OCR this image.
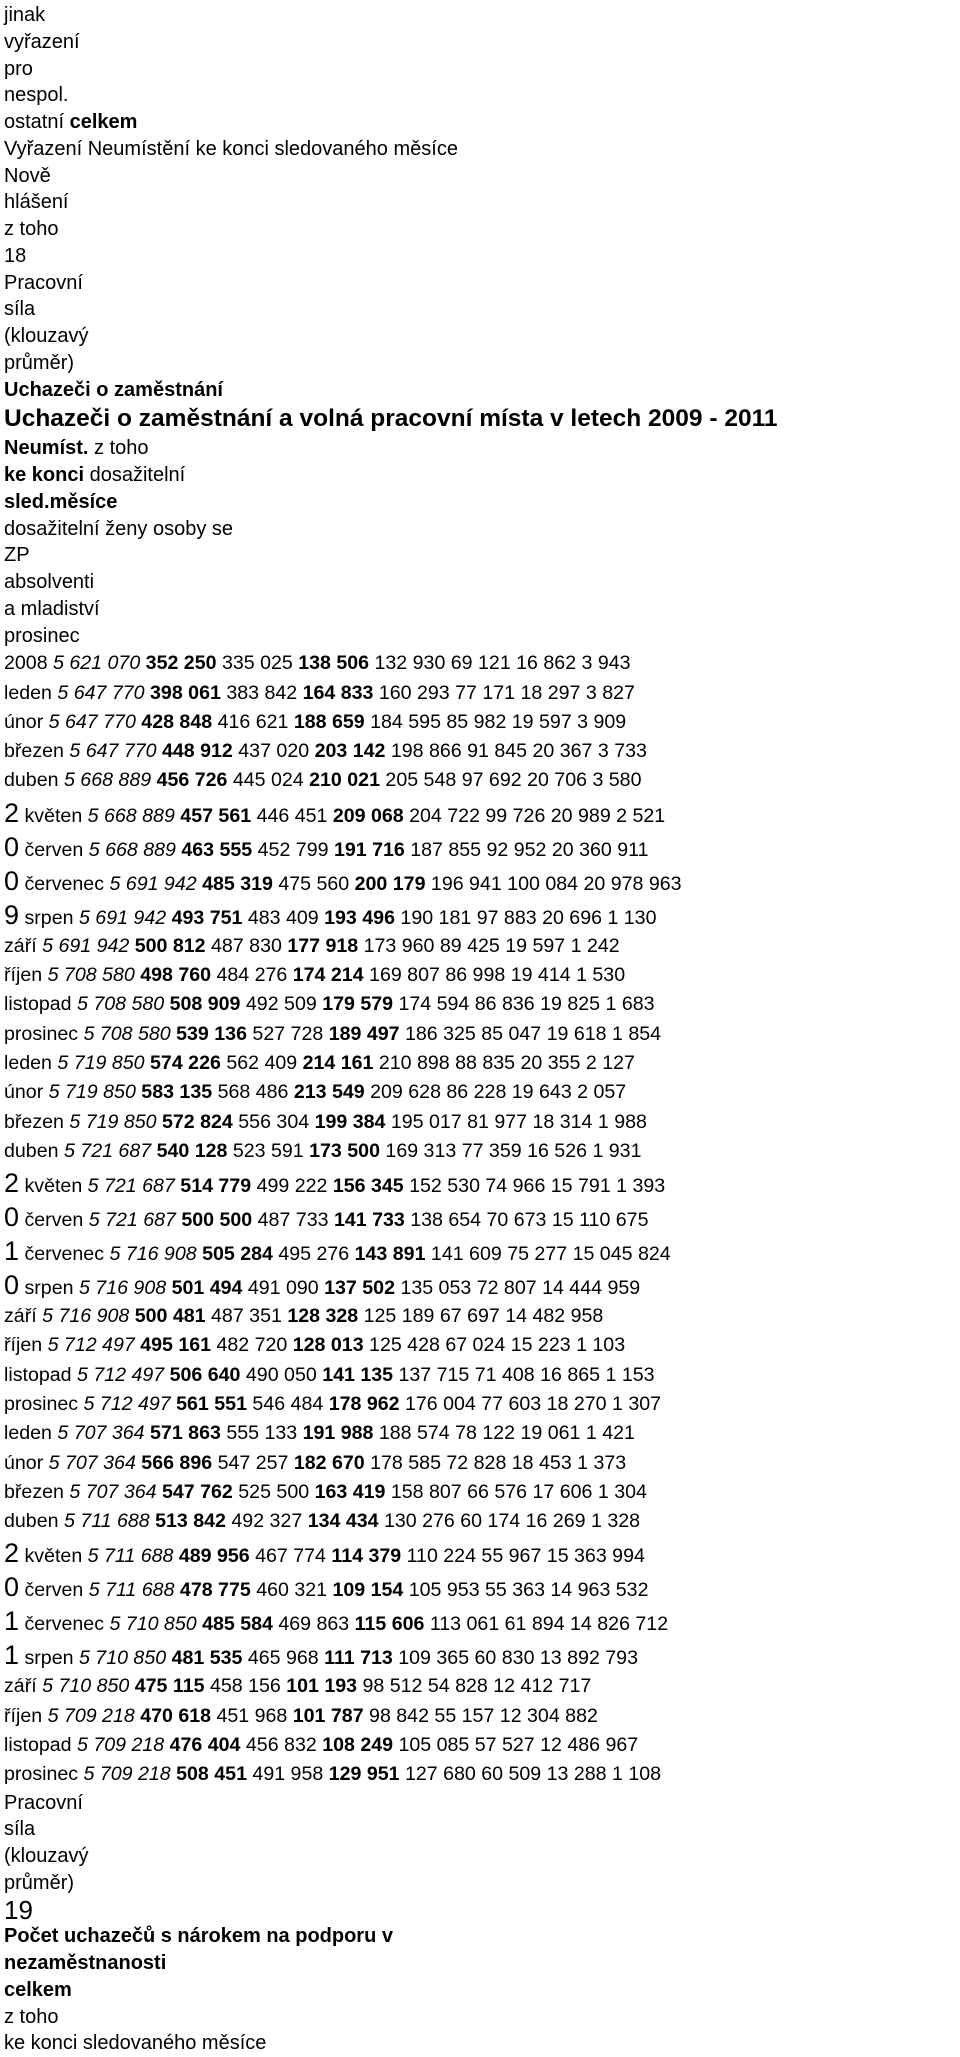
jinak
vyřazení
pro
nespol.
ostatní celkem
Vyřazení Neumístění ke konci sledovaného měsíce
Nově
hlášení
z toho
18
Pracovní
síla
(klouzavý
průměr)
Uchazeči o zaměstnání
Uchazeči o zaměstnání a volná pracovní místa v letech 2009 - 2011
Neumíst. z toho
ke konci dosažitelní
sled.měsíce
dosažitelní ženy osoby se
ZP
absolventi
a mladiství
prosinec
2008 5 621 070 352 250 335 025 138 506 132 930 69 121 16 862 3 943
leden 5 647 770 398 061 383 842 164 833 160 293 77 171 18 297 3 827
únor 5 647 770 428 848 416 621 188 659 184 595 85 982 19 597 3 909
březen 5 647 770 448 912 437 020 203 142 198 866 91 845 20 367 3 733
duben 5 668 889 456 726 445 024 210 021 205 548 97 692 20 706 3 580
2 květen 5 668 889 457 561 446 451 209 068 204 722 99 726 20 989 2 521
0 červen 5 668 889 463 555 452 799 191 716 187 855 92 952 20 360 911
0 červenec 5 691 942 485 319 475 560 200 179 196 941 100 084 20 978 963
9 srpen 5 691 942 493 751 483 409 193 496 190 181 97 883 20 696 1 130
září 5 691 942 500 812 487 830 177 918 173 960 89 425 19 597 1 242
říjen 5 708 580 498 760 484 276 174 214 169 807 86 998 19 414 1 530
listopad 5 708 580 508 909 492 509 179 579 174 594 86 836 19 825 1 683
prosinec 5 708 580 539 136 527 728 189 497 186 325 85 047 19 618 1 854
leden 5 719 850 574 226 562 409 214 161 210 898 88 835 20 355 2 127
únor 5 719 850 583 135 568 486 213 549 209 628 86 228 19 643 2 057
březen 5 719 850 572 824 556 304 199 384 195 017 81 977 18 314 1 988
duben 5 721 687 540 128 523 591 173 500 169 313 77 359 16 526 1 931
2 květen 5 721 687 514 779 499 222 156 345 152 530 74 966 15 791 1 393
0 červen 5 721 687 500 500 487 733 141 733 138 654 70 673 15 110 675
1 červenec 5 716 908 505 284 495 276 143 891 141 609 75 277 15 045 824
0 srpen 5 716 908 501 494 491 090 137 502 135 053 72 807 14 444 959
září 5 716 908 500 481 487 351 128 328 125 189 67 697 14 482 958
říjen 5 712 497 495 161 482 720 128 013 125 428 67 024 15 223 1 103
listopad 5 712 497 506 640 490 050 141 135 137 715 71 408 16 865 1 153
prosinec 5 712 497 561 551 546 484 178 962 176 004 77 603 18 270 1 307
leden 5 707 364 571 863 555 133 191 988 188 574 78 122 19 061 1 421
únor 5 707 364 566 896 547 257 182 670 178 585 72 828 18 453 1 373
březen 5 707 364 547 762 525 500 163 419 158 807 66 576 17 606 1 304
duben 5 711 688 513 842 492 327 134 434 130 276 60 174 16 269 1 328
2 květen 5 711 688 489 956 467 774 114 379 110 224 55 967 15 363 994
0 červen 5 711 688 478 775 460 321 109 154 105 953 55 363 14 963 532
1 červenec 5 710 850 485 584 469 863 115 606 113 061 61 894 14 826 712
1 srpen 5 710 850 481 535 465 968 111 713 109 365 60 830 13 892 793
září 5 710 850 475 115 458 156 101 193 98 512 54 828 12 412 717
říjen 5 709 218 470 618 451 968 101 787 98 842 55 157 12 304 882
listopad 5 709 218 476 404 456 832 108 249 105 085 57 527 12 486 967
prosinec 5 709 218 508 451 491 958 129 951 127 680 60 509 13 288 1 108
Pracovní
síla
(klouzavý
průměr)
19
Počet uchazečů s nárokem na podporu v
nezaměstnanosti
celkem
z toho
ke konci sledovaného měsíce
